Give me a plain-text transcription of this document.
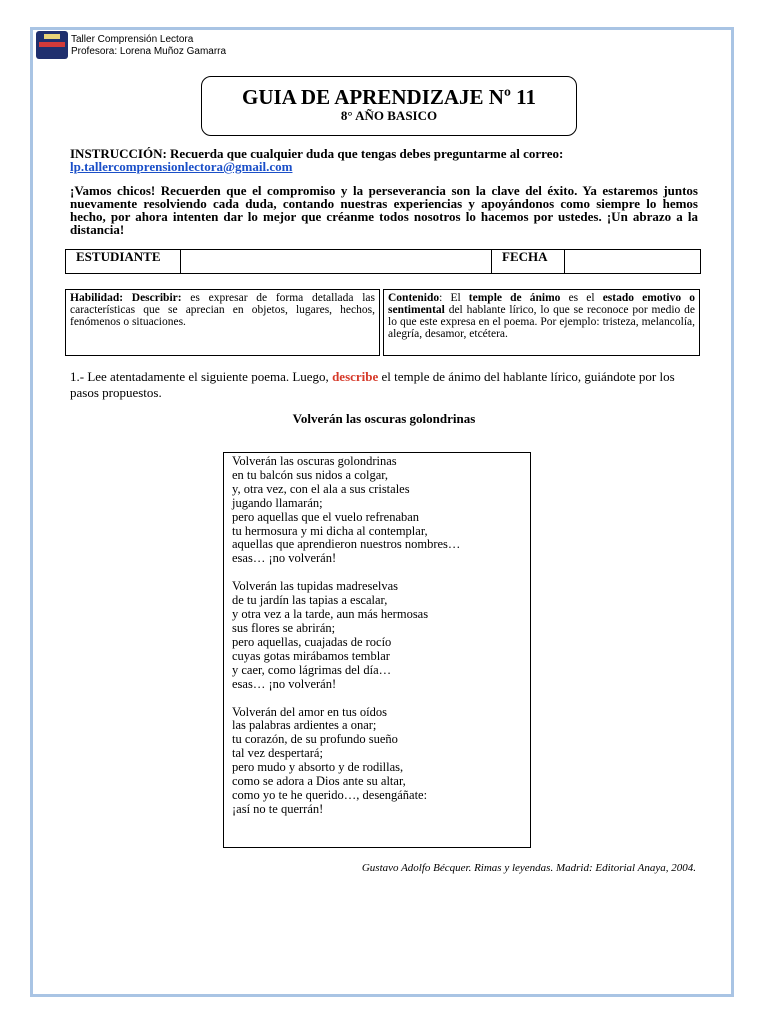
Taller Comprensión Lectora
Profesora: Lorena Muñoz Gamarra
GUIA DE APRENDIZAJE Nº 11
8° AÑO BASICO
INSTRUCCIÓN: Recuerda que cualquier duda que tengas debes preguntarme al correo:
lp.tallercomprensionlectora@gmail.com
¡Vamos chicos! Recuerden que el compromiso y la perseverancia son la clave del éxito. Ya estaremos juntos nuevamente resolviendo cada duda, contando nuestras experiencias y apoyándonos como siempre lo hemos hecho, por ahora intenten dar lo mejor que créanme todos nosotros lo hacemos por ustedes. ¡Un abrazo a la distancia!
ESTUDIANTE	FECHA
Habilidad: Describir: es expresar de forma detallada las características que se aprecian en objetos, lugares, hechos, fenómenos o situaciones.
Contenido: El temple de ánimo es el estado emotivo o sentimental del hablante lírico, lo que se reconoce por medio de lo que este expresa en el poema. Por ejemplo: tristeza, melancolía, alegría, desamor, etcétera.
1.- Lee atentadamente el siguiente poema. Luego, describe el temple de ánimo del hablante lírico, guiándote por los pasos propuestos.
Volverán las oscuras golondrinas
Volverán las oscuras golondrinas
en tu balcón sus nidos a colgar,
y, otra vez, con el ala a sus cristales
jugando llamarán;
pero aquellas que el vuelo refrenaban
tu hermosura y mi dicha al contemplar,
aquellas que aprendieron nuestros nombres…
esas… ¡no volverán!
Volverán las tupidas madreselvas
de tu jardín las tapias a escalar,
y otra vez a la tarde, aun más hermosas
sus flores se abrirán;
pero aquellas, cuajadas de rocío
cuyas gotas mirábamos temblar
y caer, como lágrimas del día…
esas… ¡no volverán!
Volverán del amor en tus oídos
las palabras ardientes a onar;
tu corazón, de su profundo sueño
tal vez despertará;
pero mudo y absorto y de rodillas,
como se adora a Dios ante su altar,
como yo te he querido…, desengáñate:
¡así no te querrán!
Gustavo Adolfo Bécquer. Rimas y leyendas. Madrid: Editorial Anaya, 2004.
